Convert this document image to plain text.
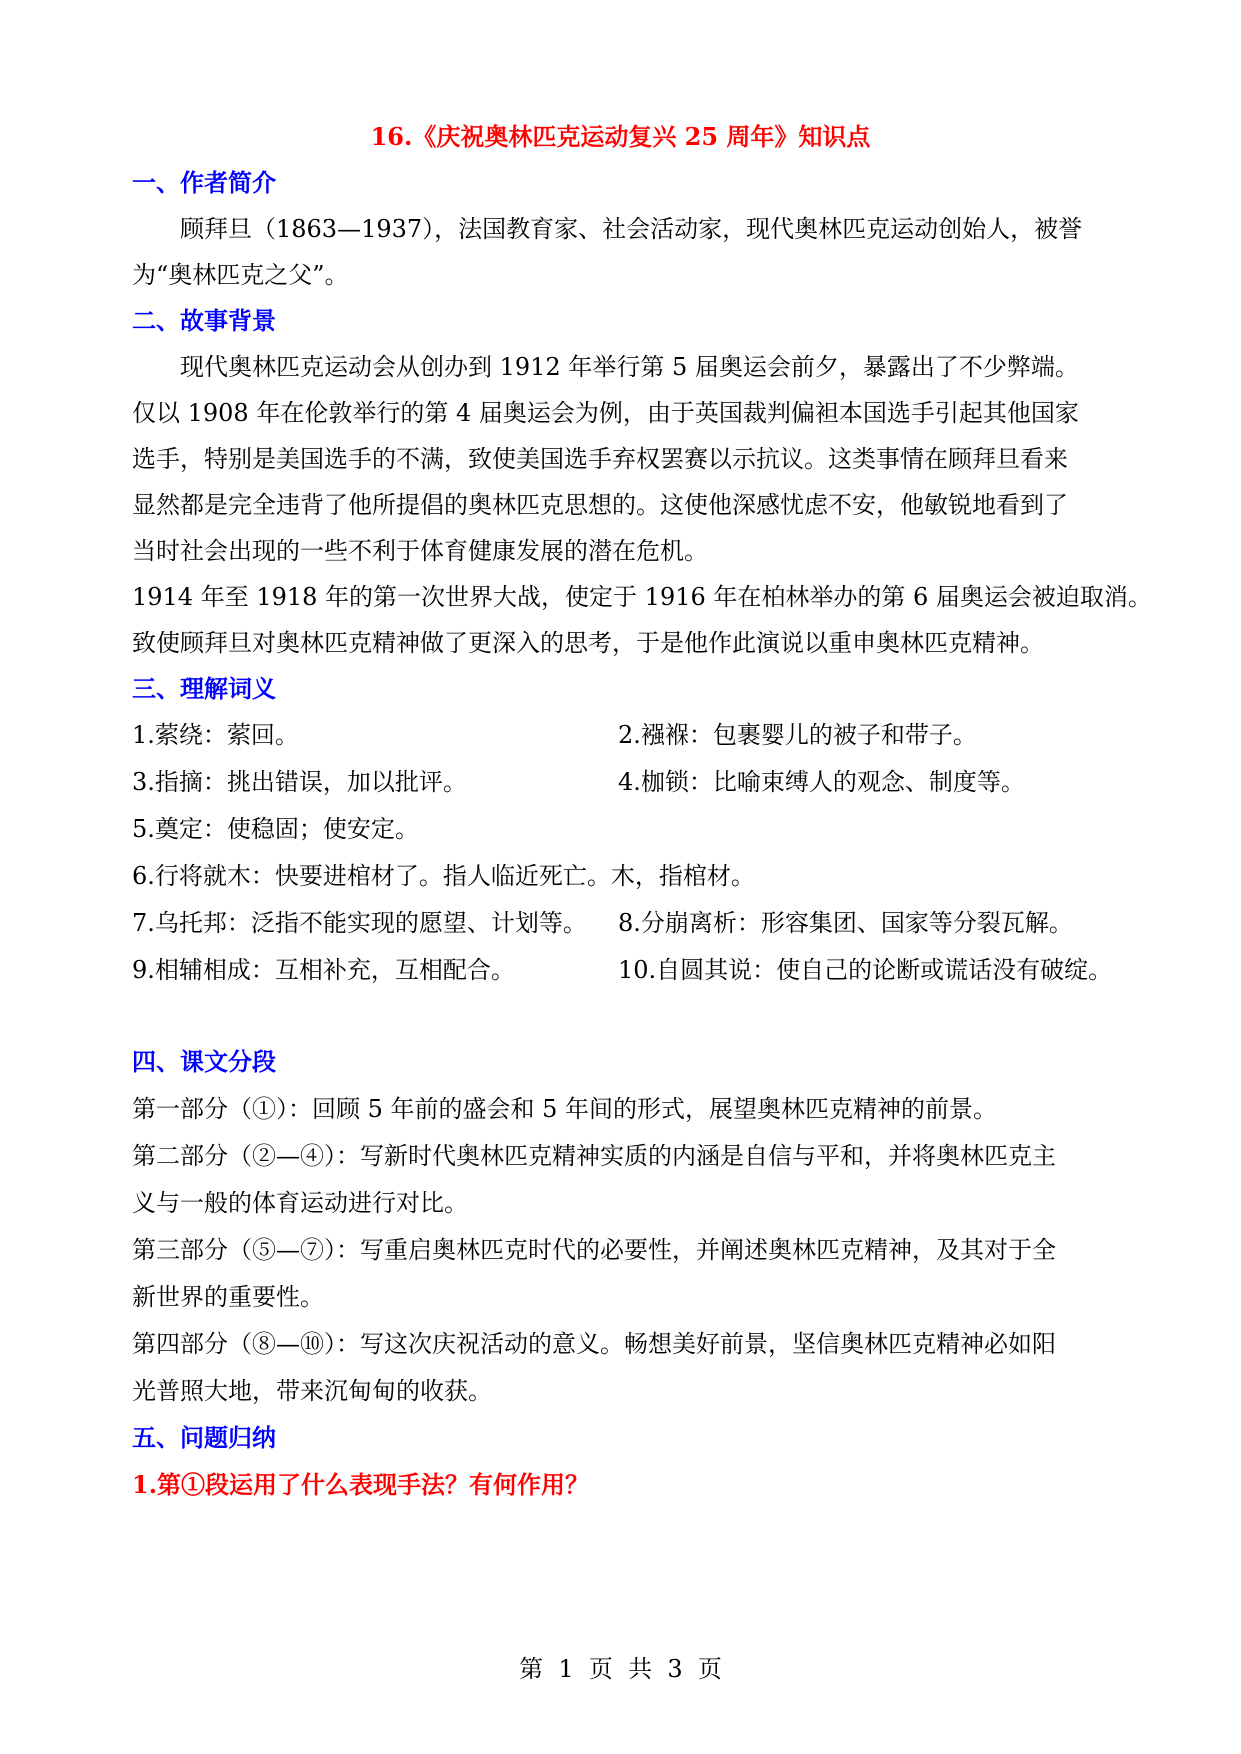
16.《庆祝奥林匹克运动复兴 25 周年》知识点
一、作者简介
顾拜旦（1863—1937），法国教育家、社会活动家，现代奥林匹克运动创始人，被誉
为“奥林匹克之父”。
二、故事背景
现代奥林匹克运动会从创办到 1912 年举行第 5 届奥运会前夕，暴露出了不少弊端。
仅以 1908 年在伦敦举行的第 4 届奥运会为例，由于英国裁判偏袒本国选手引起其他国家
选手，特别是美国选手的不满，致使美国选手弃权罢赛以示抗议。这类事情在顾拜旦看来
显然都是完全违背了他所提倡的奥林匹克思想的。这使他深感忧虑不安，他敏锐地看到了
当时社会出现的一些不利于体育健康发展的潜在危机。
1914 年至 1918 年的第一次世界大战，使定于 1916 年在柏林举办的第 6 届奥运会被迫取消。
致使顾拜旦对奥林匹克精神做了更深入的思考，于是他作此演说以重申奥林匹克精神。
三、理解词义
1.萦绕：萦回。	2.襁褓：包裹婴儿的被子和带子。
3.指摘：挑出错误，加以批评。	4.枷锁：比喻束缚人的观念、制度等。
5.奠定：使稳固；使安定。
6.行将就木：快要进棺材了。指人临近死亡。木，指棺材。
7.乌托邦：泛指不能实现的愿望、计划等。 8.分崩离析：形容集团、国家等分裂瓦解。
9.相辅相成：互相补充，互相配合。	10.自圆其说：使自己的论断或谎话没有破绽。
四、课文分段
第一部分（①）：回顾 5 年前的盛会和 5 年间的形式，展望奥林匹克精神的前景。
第二部分（②—④）：写新时代奥林匹克精神实质的内涵是自信与平和，并将奥林匹克主
义与一般的体育运动进行对比。
第三部分（⑤—⑦）：写重启奥林匹克时代的必要性，并阐述奥林匹克精神，及其对于全
新世界的重要性。
第四部分（⑧—⑩）：写这次庆祝活动的意义。畅想美好前景，坚信奥林匹克精神必如阳
光普照大地，带来沉甸甸的收获。
五、问题归纳
1.第①段运用了什么表现手法？有何作用？
第  1  页  共  3  页
